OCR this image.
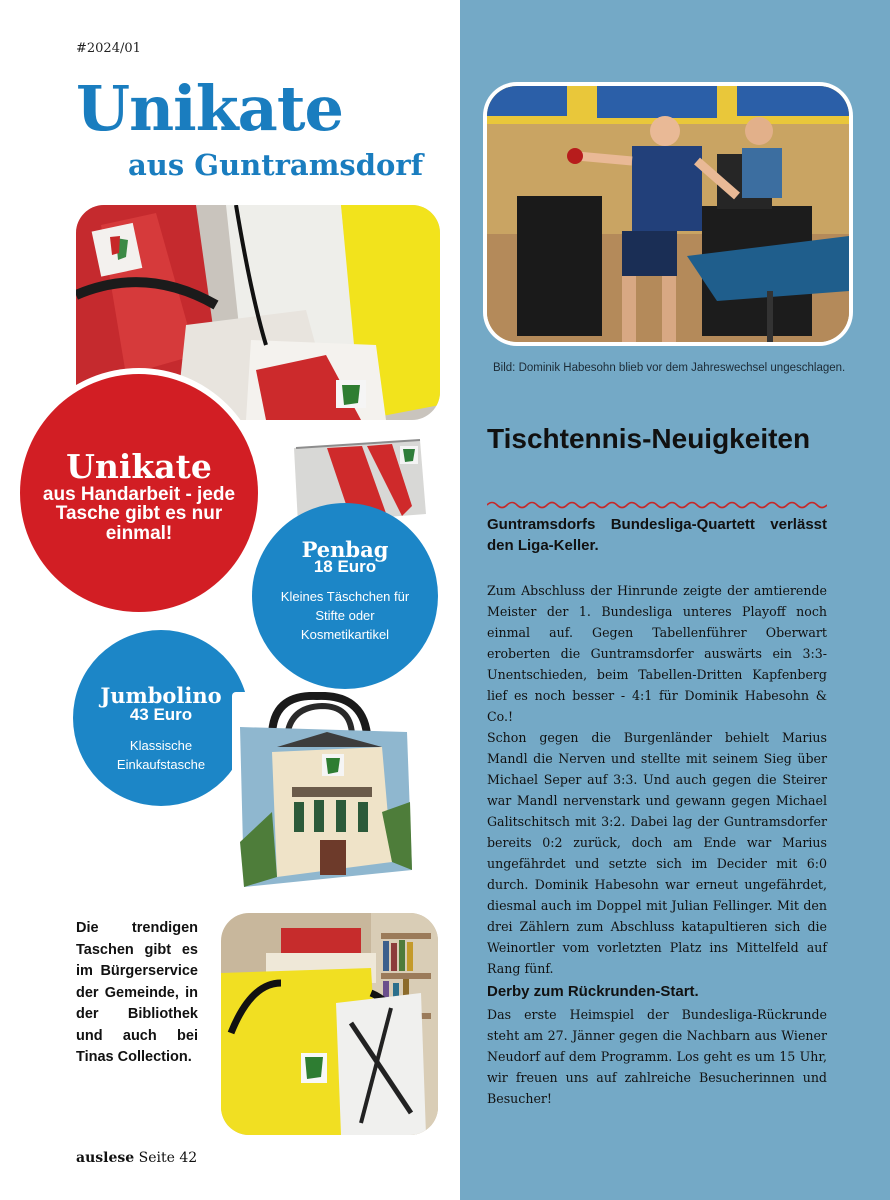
#2024/01
Unikate
aus Guntramsdorf
Unikate
aus Handarbeit - jede Tasche gibt es nur einmal!
Penbag
18 Euro
Kleines Täschchen für Stifte oder Kosmetikartikel
Jumbolino
43 Euro
Klassische Einkaufstasche
Die trendigen Taschen gibt es im Bürgerservice der Gemeinde, in der Bibliothek und auch bei Tinas Collection.
auslese Seite 42
Bild: Dominik Habesohn blieb vor dem Jahreswechsel ungeschlagen.
Tischtennis-Neuigkeiten
Guntramsdorfs Bundesliga-Quartett verlässt den Liga-Keller.
Zum Abschluss der Hinrunde zeigte der amtierende Meister der 1. Bundesliga unteres Playoff noch einmal auf. Gegen Tabellenführer Oberwart eroberten die Guntramsdorfer auswärts ein 3:3-Unentschieden, beim Tabellen-Dritten Kapfenberg lief es noch besser - 4:1 für Dominik Habesohn & Co.!
Schon gegen die Burgenländer behielt Marius Mandl die Nerven und stellte mit seinem Sieg über Michael Seper auf 3:3. Und auch gegen die Steirer war Mandl nervenstark und gewann gegen Michael Galitschitsch mit 3:2. Dabei lag der Guntramsdorfer bereits 0:2 zurück, doch am Ende war Marius ungefährdet und setzte sich im Decider mit 6:0 durch. Dominik Habesohn war erneut ungefährdet, diesmal auch im Doppel mit Julian Fellinger. Mit den drei Zählern zum Abschluss katapultieren sich die Weinortler vom vorletzten Platz ins Mittelfeld auf Rang fünf.
Derby zum Rückrunden-Start.
Das erste Heimspiel der Bundesliga-Rückrunde steht am 27. Jänner gegen die Nachbarn aus Wiener Neudorf auf dem Programm. Los geht es um 15 Uhr, wir freuen uns auf zahlreiche Besucherinnen und Besucher!
